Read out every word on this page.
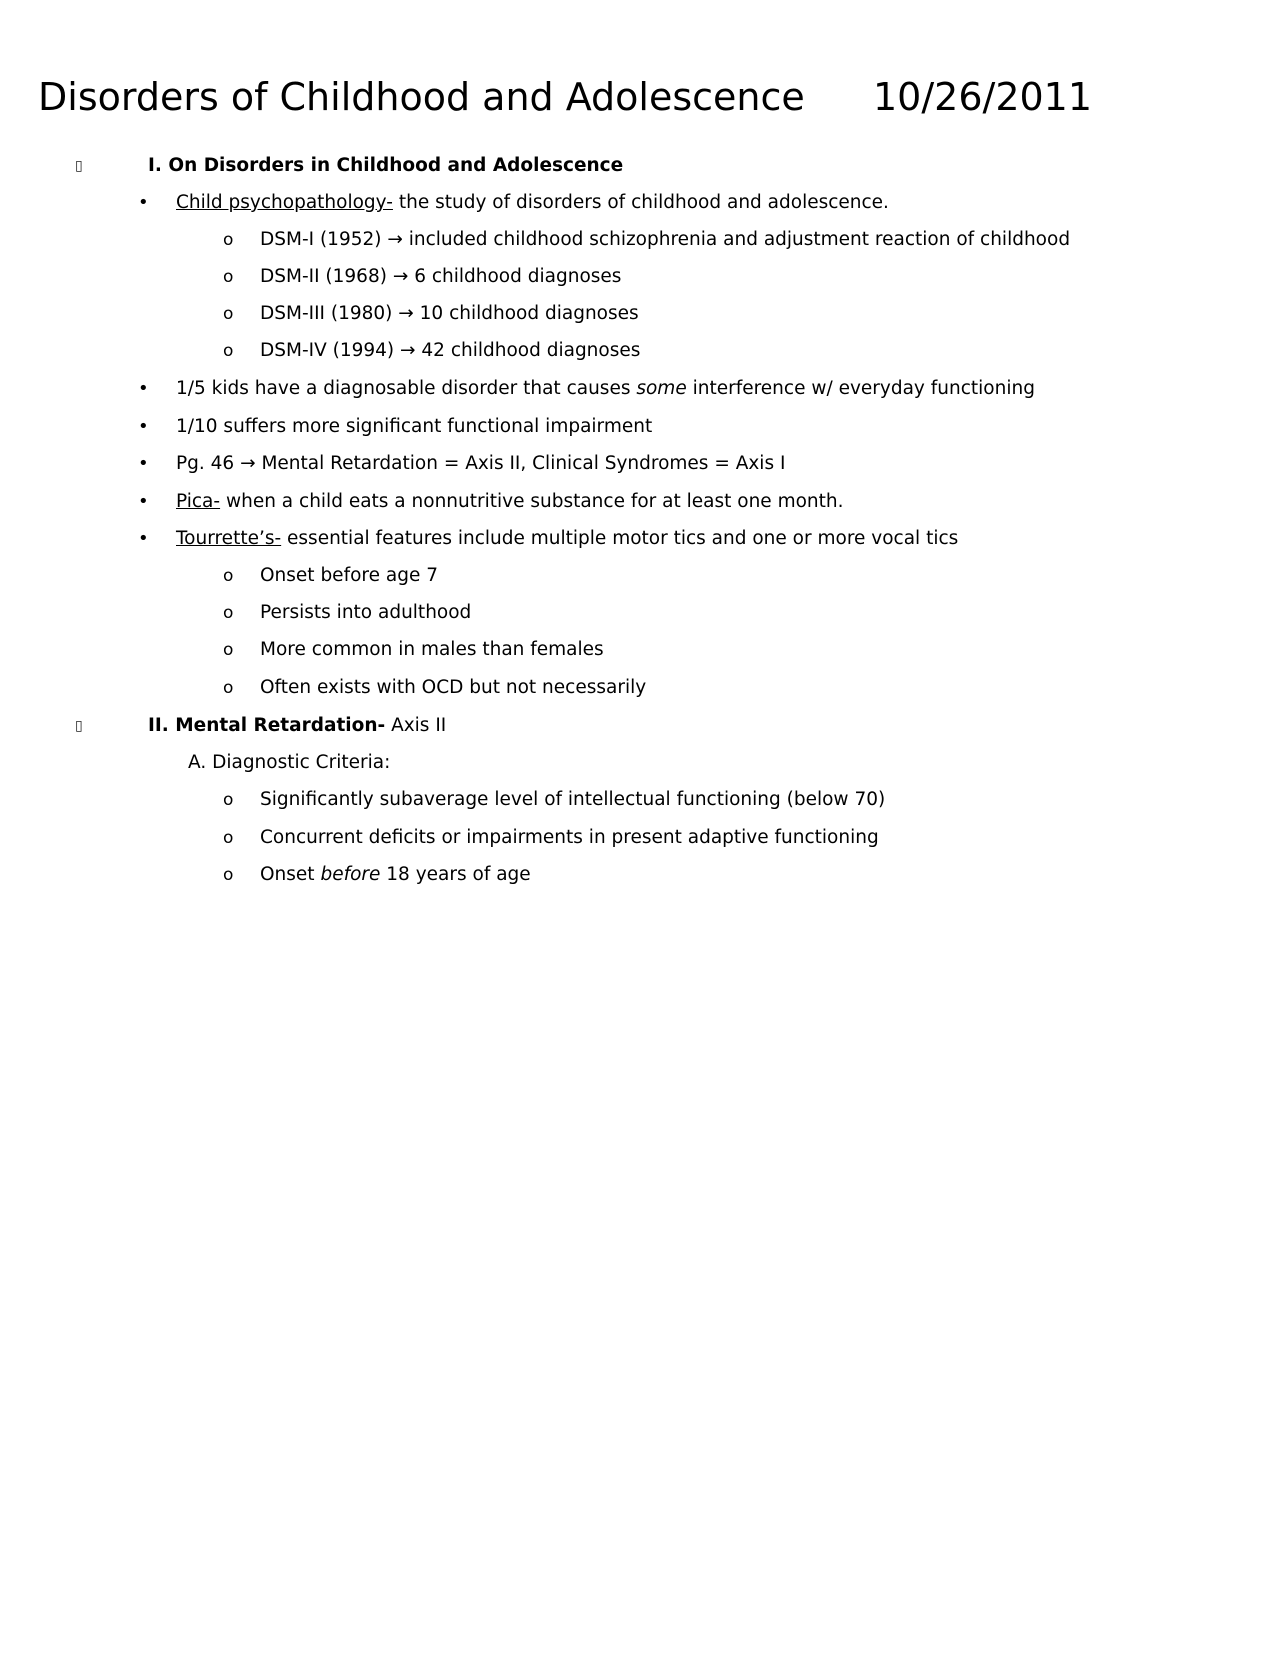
Disorders of Childhood and Adolescence 10/26/2011
▯	I. On Disorders in Childhood and Adolescence
• Child psychopathology- the study of disorders of childhood and adolescence.
o DSM-I (1952) → included childhood schizophrenia and adjustment reaction of childhood
o DSM-II (1968) → 6 childhood diagnoses
o DSM-III (1980) → 10 childhood diagnoses
o DSM-IV (1994) → 42 childhood diagnoses
• 1/5 kids have a diagnosable disorder that causes some interference w/ everyday functioning
• 1/10 suffers more significant functional impairment
• Pg. 46 → Mental Retardation = Axis II, Clinical Syndromes = Axis I
• Pica- when a child eats a nonnutritive substance for at least one month.
• Tourrette’s- essential features include multiple motor tics and one or more vocal tics
o Onset before age 7
o Persists into adulthood
o More common in males than females
o Often exists with OCD but not necessarily
▯	II. Mental Retardation- Axis II
A. Diagnostic Criteria:
o Significantly subaverage level of intellectual functioning (below 70)
o Concurrent deficits or impairments in present adaptive functioning
o Onset before 18 years of age
